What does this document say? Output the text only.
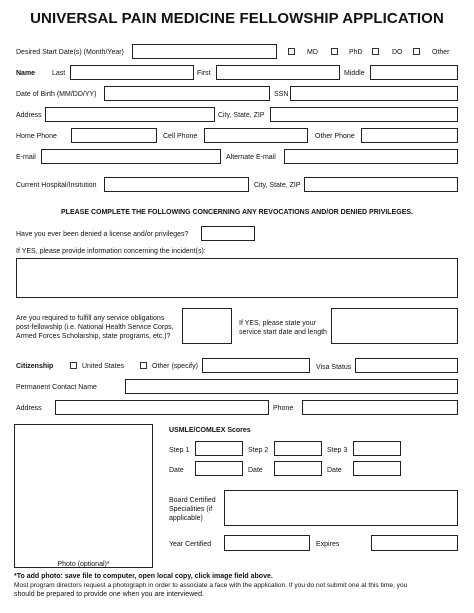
UNIVERSAL PAIN MEDICINE FELLOWSHIP APPLICATION
Desired Start Date(s) (Month/Year)	MD	PhD	DO	Other
Name Last	First	Middle
Date of Birth (MM/DD/YY)	SSN
Address	City, State, ZIP
Home Phone	Cell Phone	Other Phone
E-mail	Alternate E-mail
Current Hospital/Insitution	City, State, ZIP
PLEASE COMPLETE THE FOLLOWING CONCERNING ANY REVOCATIONS AND/OR DENIED PRIVILEGES.
Have you ever been denied a license and/or privileges?
If YES, please provide information concerning the incident(s):
Are you required to fulfill any service obligations
post-fellowship (i.e. National Health Service Corps,
Armed Forces Scholarship, state programs, etc.)?
If YES, please state your
service start date and length
Citizenship	United States	Other (specify)	Visa Status
Permanent Contact Name
Address	Phone
Photo (optional)*
USMLE/COMLEX Scores
Step 1	Step 2	Step 3
Date	Date	Date
Board Certified
Specialities (if
applicable)
Year Certified	Expires
*To add photo: save file to computer, open local copy, click image field above.
Most program directors request a photograph in order to associate a face with the application. If you do not submit one at this time, you
should be prepared to provide one when you are interviewed.
